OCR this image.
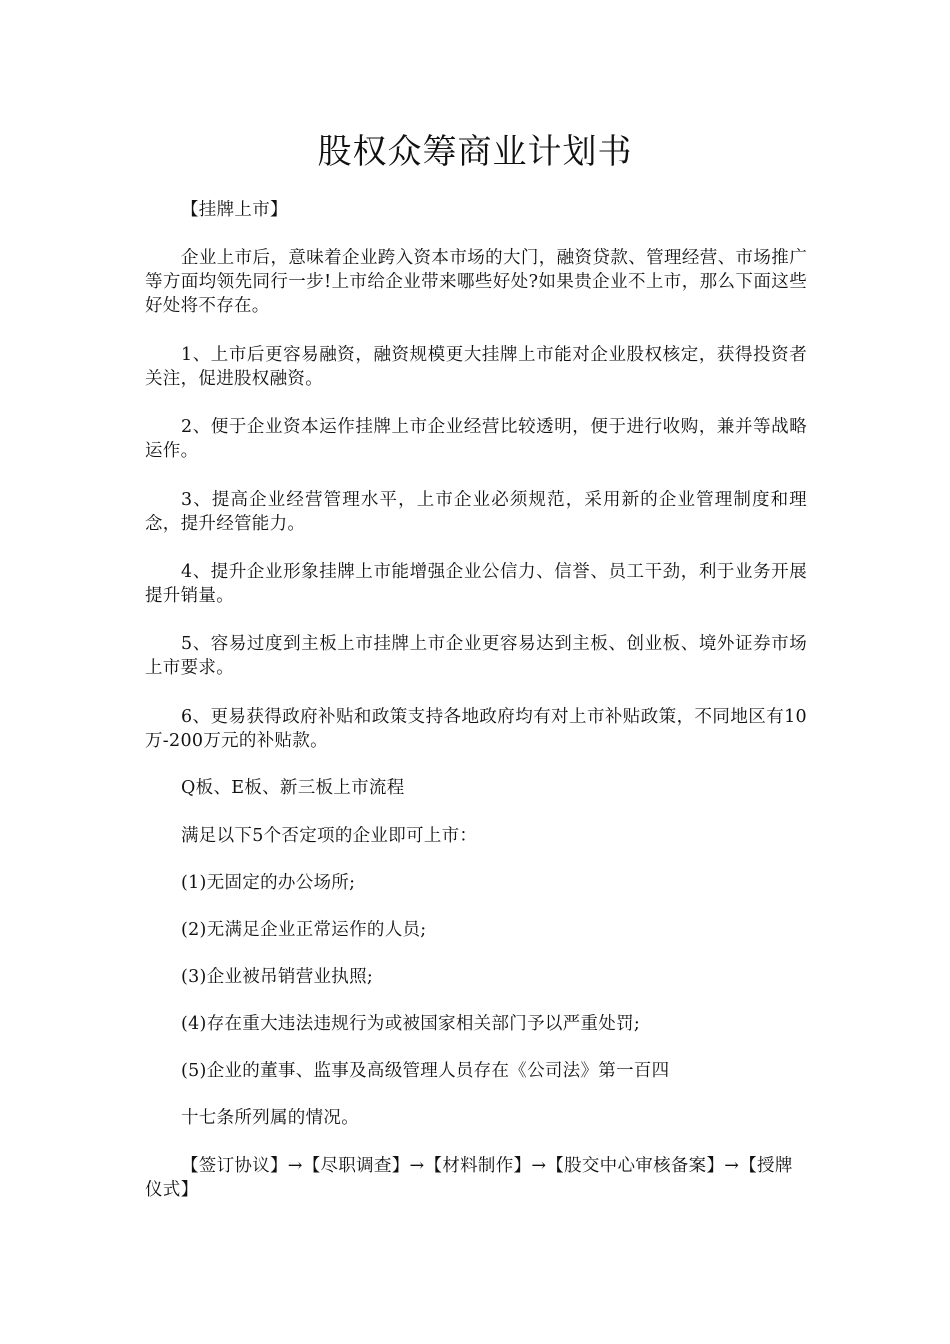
股权众筹商业计划书

【挂牌上市】

企业上市后，意味着企业跨入资本市场的大门，融资贷款、管理经营、市场推广等方面均领先同行一步!上市给企业带来哪些好处?如果贵企业不上市，那么下面这些好处将不存在。

1、上市后更容易融资，融资规模更大挂牌上市能对企业股权核定，获得投资者关注，促进股权融资。

2、便于企业资本运作挂牌上市企业经营比较透明，便于进行收购，兼并等战略运作。

3、提高企业经营管理水平，上市企业必须规范，采用新的企业管理制度和理念，提升经管能力。

4、提升企业形象挂牌上市能增强企业公信力、信誉、员工干劲，利于业务开展提升销量。

5、容易过度到主板上市挂牌上市企业更容易达到主板、创业板、境外证券市场上市要求。

6、更易获得政府补贴和政策支持各地政府均有对上市补贴政策，不同地区有10万-200万元的补贴款。

Q板、E板、新三板上市流程

满足以下5个否定项的企业即可上市：

(1)无固定的办公场所;

(2)无满足企业正常运作的人员;

(3)企业被吊销营业执照;

(4)存在重大违法违规行为或被国家相关部门予以严重处罚;

(5)企业的董事、监事及高级管理人员存在《公司法》第一百四

十七条所列属的情况。

【签订协议】→【尽职调查】→【材料制作】→【股交中心审核备案】→【授牌仪式】
